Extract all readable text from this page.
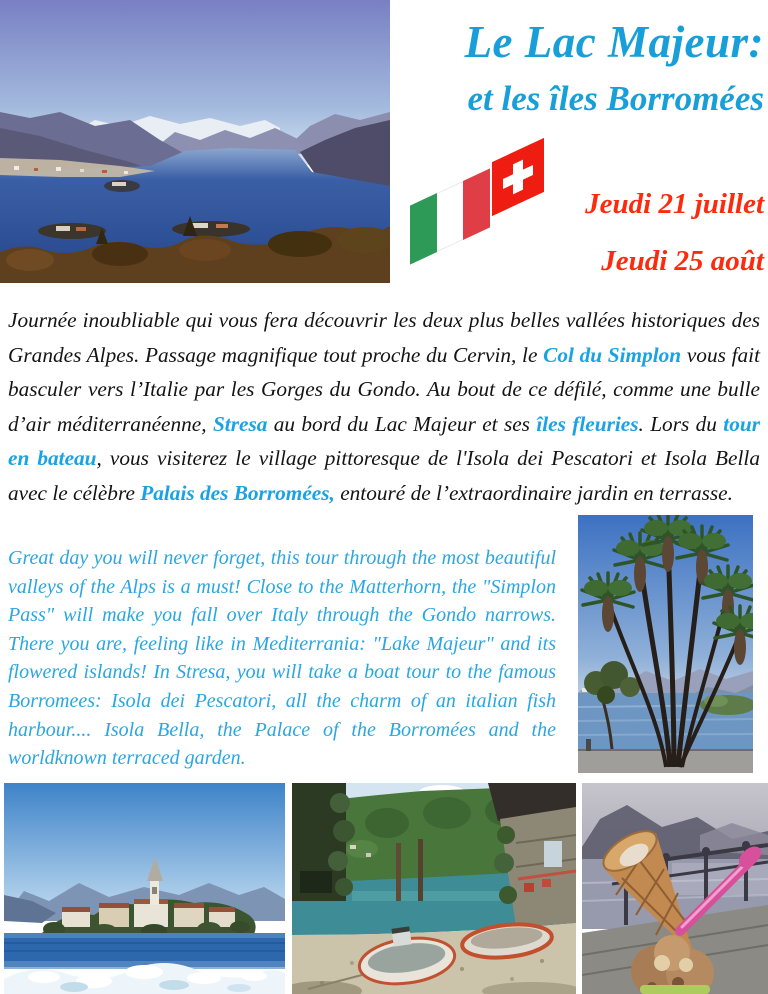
Le Lac Majeur:
et les îles Borromées
Jeudi 21 juillet
Jeudi 25 août

Journée inoubliable qui vous fera découvrir les deux plus belles vallées historiques des Grandes Alpes. Passage magnifique tout proche du Cervin, le Col du Simplon vous fait basculer vers l’Italie par les Gorges du Gondo. Au bout de ce défilé, comme une bulle d’air méditerranéenne, Stresa au bord du Lac Majeur et ses îles fleuries. Lors du tour en bateau, vous visiterez le village pittoresque de l'Isola dei Pescatori et Isola Bella avec le célèbre Palais des Borromées, entouré de l’extraordinaire jardin en terrasse.

Great day you will never forget, this tour through the most beautiful valleys of the Alps is a must! Close to the Matterhorn, the "Simplon Pass" will make you fall over Italy through the Gondo narrows. There you are, feeling like in Mediterrania: "Lake Majeur" and its flowered islands! In Stresa, you will take a boat tour to the famous Borromees: Isola dei Pescatori, all the charm of an italian fish harbour.... Isola Bella, the Palace of the Borromées and the worldknown terraced garden.
